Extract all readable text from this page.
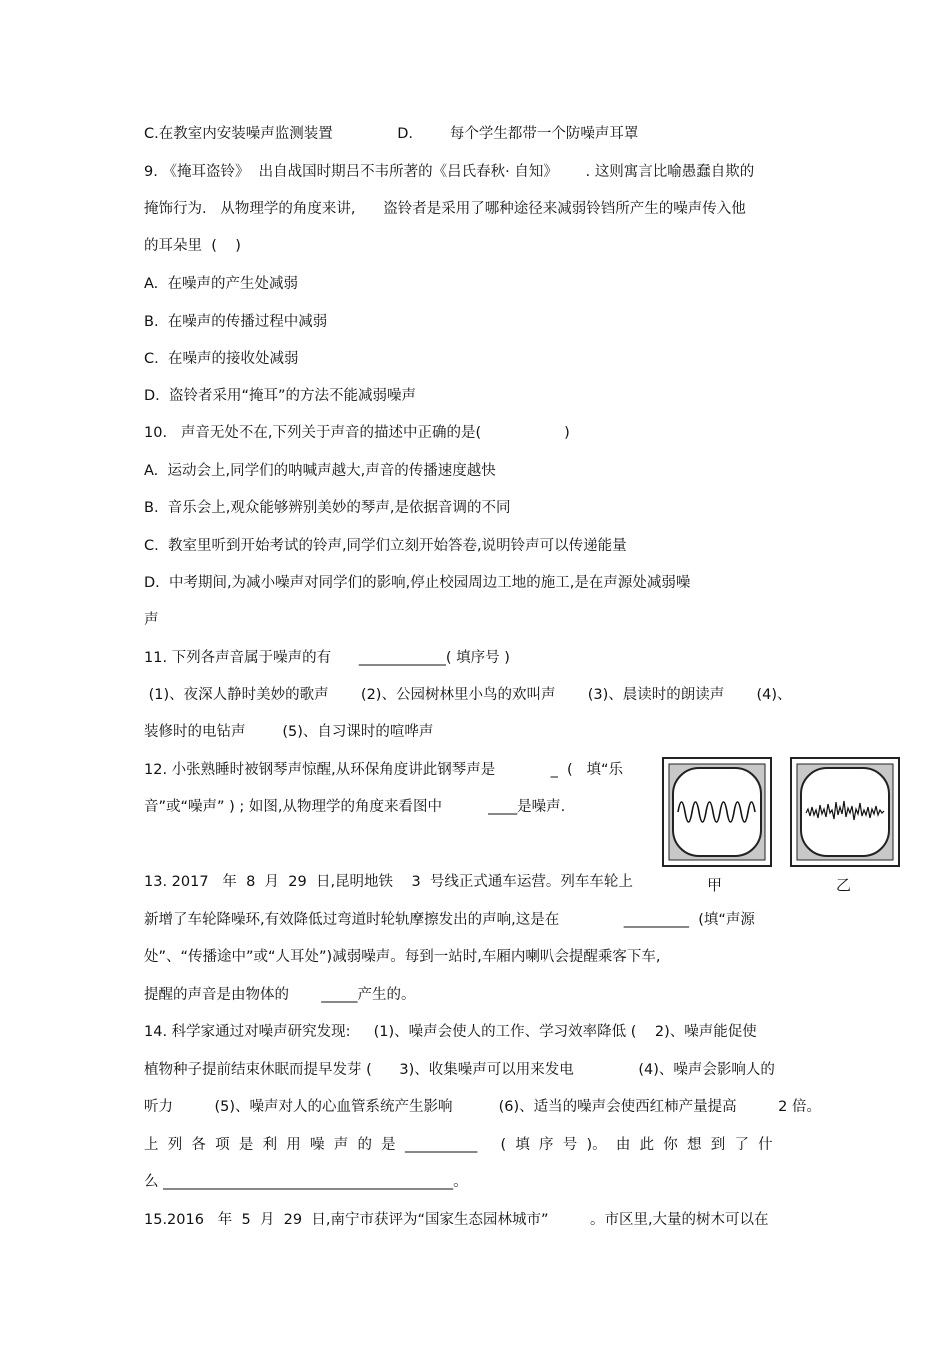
C.在教室内安装噪声监测装置              D.        每个学生都带一个防噪声耳罩
9. 《掩耳盗铃》  出自战国时期吕不韦所著的《吕氏春秋· 自知》      . 这则寓言比喻愚蠢自欺的
掩饰行为.   从物理学的角度来讲,      盗铃者是采用了哪种途径来减弱铃铛所产生的噪声传入他
的耳朵里  (    )
A.  在噪声的产生处减弱
B.  在噪声的传播过程中减弱
C.  在噪声的接收处减弱
D.  盗铃者采用“掩耳”的方法不能减弱噪声
10.   声音无处不在,下列关于声音的描述中正确的是(                  )
A.  运动会上,同学们的呐喊声越大,声音的传播速度越快
B.  音乐会上,观众能够辨别美妙的琴声,是依据音调的不同
C.  教室里听到开始考试的铃声,同学们立刻开始答卷,说明铃声可以传递能量
D.  中考期间,为减小噪声对同学们的影响,停止校园周边工地的施工,是在声源处减弱噪
声
11. 下列各声音属于噪声的有      ____________( 填序号 )
(1)、夜深人静时美妙的歌声       (2)、公园树林里小鸟的欢叫声       (3)、晨读时的朗读声       (4)、
装修时的电钻声        (5)、自习课时的喧哗声
12. 小张熟睡时被钢琴声惊醒,从环保角度讲此钢琴声是            _  (   填“乐
音”或“噪声” ) ; 如图,从物理学的角度来看图中          ____是噪声.
13. 2017   年  8  月  29  日,昆明地铁    3  号线正式通车运营。列车车轮上
新增了车轮降噪环,有效降低过弯道时轮轨摩擦发出的声响,这是在              _________  (填“声源
处”、“传播途中”或“人耳处”)减弱噪声。每到一站时,车厢内喇叭会提醒乘客下车,
提醒的声音是由物体的       _____产生的。
14. 科学家通过对噪声研究发现:     (1)、噪声会使人的工作、学习效率降低 (    2)、噪声能促使
植物种子提前结束休眠而提早发芽 (      3)、收集噪声可以用来发电              (4)、噪声会影响人的
听力         (5)、噪声对人的心血管系统产生影响          (6)、适当的噪声会使西红柿产量提高         2 倍。
上  列  各  项  是  利  用  噪  声  的  是  __________     (  填  序  号  )。  由  此  你  想  到  了  什
么 ________________________________________。
15.2016   年  5  月  29  日,南宁市获评为“国家生态园林城市”         。市区里,大量的树木可以在
甲	乙
